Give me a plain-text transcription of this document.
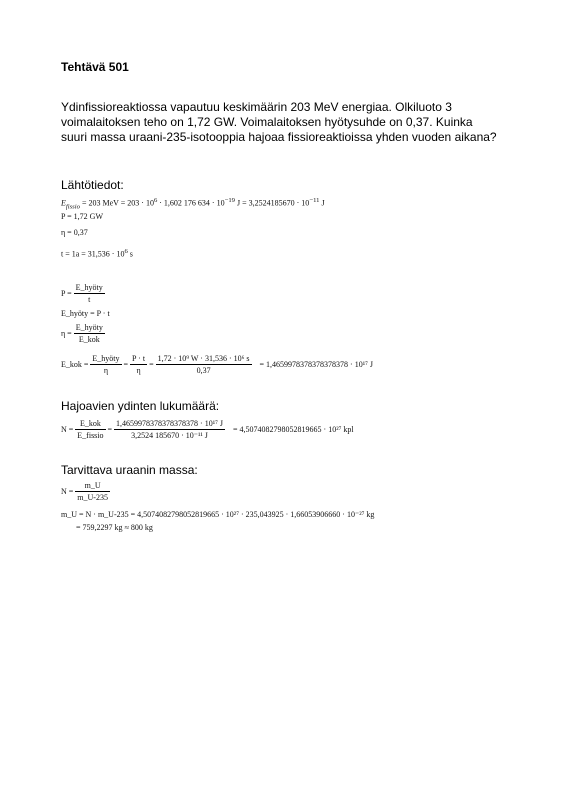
Tehtävä 501
Ydinfissioreaktiossa vapautuu keskimäärin 203 MeV energiaa. Olkiluoto 3 voimalaitoksen teho on 1,72 GW. Voimalaitoksen hyötysuhde on 0,37. Kuinka suuri massa uraani-235-isotooppia hajoaa fissioreaktioissa yhden vuoden aikana?
Lähtötiedot:
$E_{fissio} = 203$ MeV = $203 \cdot 10^6 \cdot 1,602$ 176 $634 \cdot 10^{-19}$ $J = 3,2524185670 \cdot 10^{-11}$ J
P = 1,72 GW
η = 0,37
$t = 1a = 31,536 \cdot 10^6$ s
$P = \frac{\text{E\_hyöty}}{t}$
E_hyöty = P · t
$\eta = \frac{\text{E\_hyöty}}{\text{E\_kok}}$
E_kok = $\frac{\text{E\_hyöty}}{\eta} = \frac{P \cdot t}{\eta} = \frac{\text{1,72 · 10⁹ W · 31,536 · 10⁶ s}}{0,37} = 1,4659978378378378378 \cdot 10^{17}$ J
Hajoavien ydinten lukumäärä:
$N = \frac{\text{E\_kok}}{\text{E\_fissio}} = \frac{\text{1,4659978378378378378 · 10¹⁷ J}}{\text{3,2524 185670 · 10⁻¹¹ J}} = 4,5074082798052819665 \cdot 10^{27}$ kpl
Tarvittava uraanin massa:
$N = \frac{m\_U}{m\_U-235}$
m_U = N · m_U-235 = 4,5074082798052819665 · 10²⁷ · 235,043925 · 1,66053906660 · 10⁻²⁷ kg
= 759,2297 kg ≈ 800 kg
